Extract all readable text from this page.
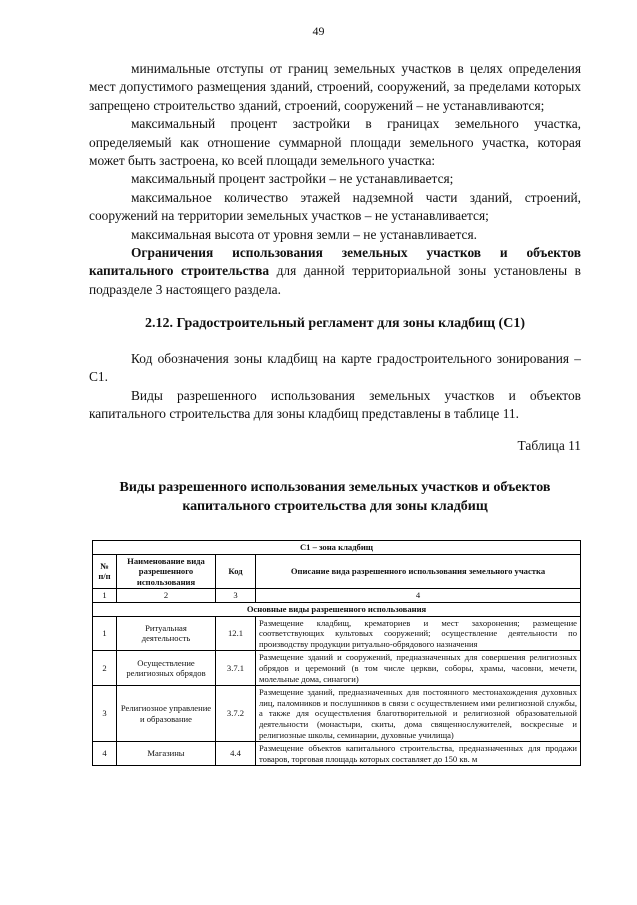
49

минимальные отступы от границ земельных участков в целях определения мест допустимого размещения зданий, строений, сооружений, за пределами которых запрещено строительство зданий, строений, сооружений – не устанавливаются;

максимальный процент застройки в границах земельного участка, определяемый как отношение суммарной площади земельного участка, которая может быть застроена, ко всей площади земельного участка:

максимальный процент застройки – не устанавливается;

максимальное количество этажей надземной части зданий, строений, сооружений на территории земельных участков – не устанавливается;

максимальная высота от уровня земли – не устанавливается.

Ограничения использования земельных участков и объектов капитального строительства для данной территориальной зоны установлены в подразделе 3 настоящего раздела.

2.12. Градостроительный регламент для зоны кладбищ (С1)

Код обозначения зоны кладбищ на карте градостроительного зонирования – С1.

Виды разрешенного использования земельных участков и объектов капитального строительства для зоны кладбищ представлены в таблице 11.

Таблица 11

Виды разрешенного использования земельных участков и объектов

капитального строительства для зоны кладбищ

С1 – зона кладбищ			
№ п/п	Наименование вида разрешенного использования	Код	Описание вида разрешенного использования земельного участка
1	2	3	4
Основные виды разрешенного использования			
1	Ритуальная деятельность	12.1	Размещение кладбищ, крематориев и мест захоронения; размещение соответствующих культовых сооружений; осуществление деятельности по производству продукции ритуально-обрядового назначения
2	Осуществление религиозных обрядов	3.7.1	Размещение зданий и сооружений, предназначенных для совершения религиозных обрядов и церемоний (в том числе церкви, соборы, храмы, часовни, мечети, молельные дома, синагоги)
3	Религиозное управление и образование	3.7.2	Размещение зданий, предназначенных для постоянного местонахождения духовных лиц, паломников и послушников в связи с осуществлением ими религиозной службы, а также для осуществления благотворительной и религиозной образовательной деятельности (монастыри, скиты, дома священнослужителей, воскресные и религиозные школы, семинарии, духовные училища)
4	Магазины	4.4	Размещение объектов капитального строительства, предназначенных для продажи товаров, торговая площадь которых составляет до 150 кв. м
